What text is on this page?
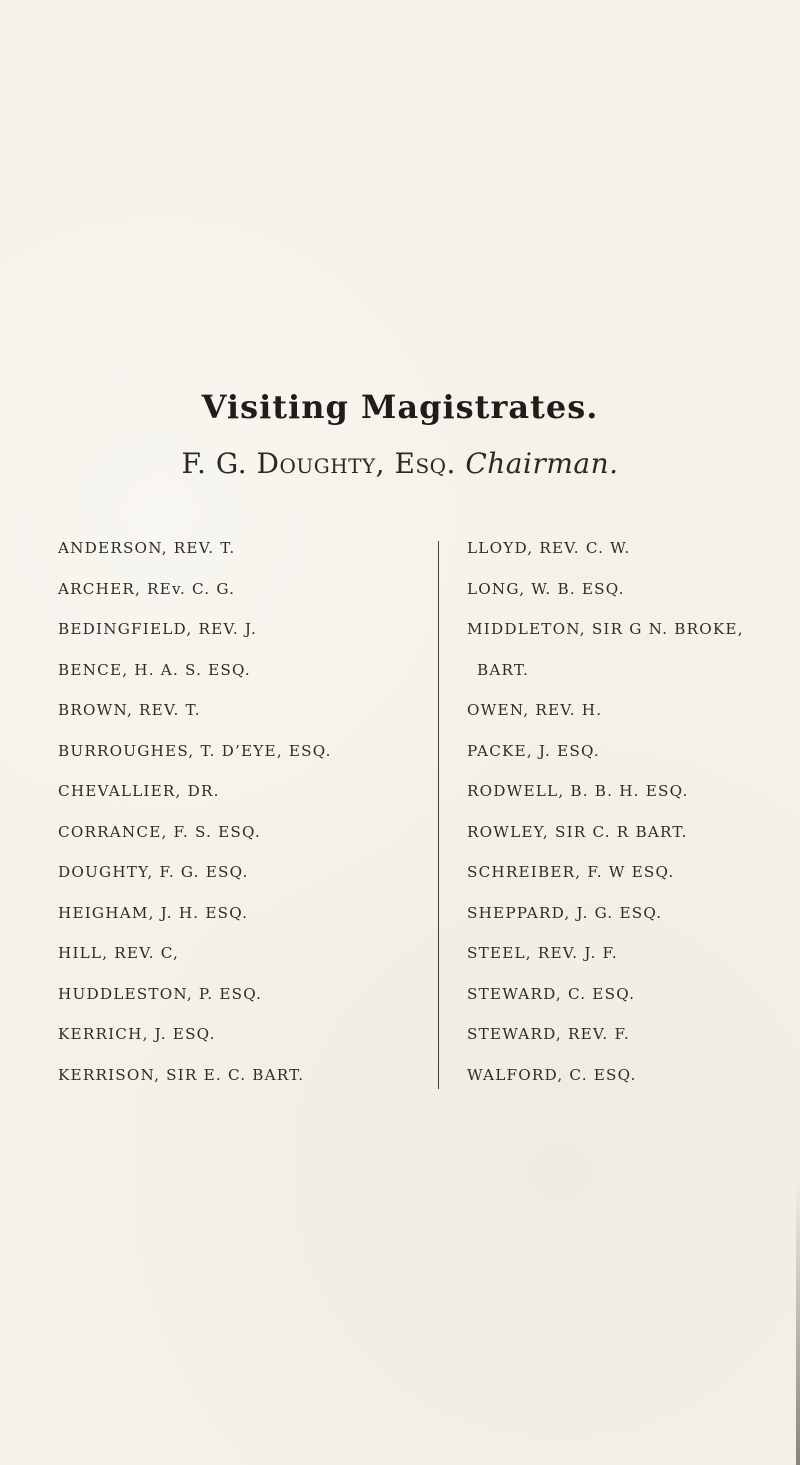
Visiting Magistrates.
F. G. Doughty, Esq. Chairman.
ANDERSON, REV. T.
ARCHER, REv. C. G.
BEDINGFIELD, REV. J.
BENCE, H. A. S. ESQ.
BROWN, REV. T.
BURROUGHES, T. D’EYE, ESQ.
CHEVALLIER, DR.
CORRANCE, F. S. ESQ.
DOUGHTY, F. G. ESQ.
HEIGHAM, J. H. ESQ.
HILL, REV. C,
HUDDLESTON, P. ESQ.
KERRICH, J. ESQ.
KERRISON, SIR E. C. BART.
LLOYD, REV. C. W.
LONG, W. B. ESQ.
MIDDLETON, SIR G N. BROKE,
BART.
OWEN, REV. H.
PACKE, J. ESQ.
RODWELL, B. B. H. ESQ.
ROWLEY, SIR C. R BART.
SCHREIBER, F. W ESQ.
SHEPPARD, J. G. ESQ.
STEEL, REV. J. F.
STEWARD, C. ESQ.
STEWARD, REV. F.
WALFORD, C. ESQ.
